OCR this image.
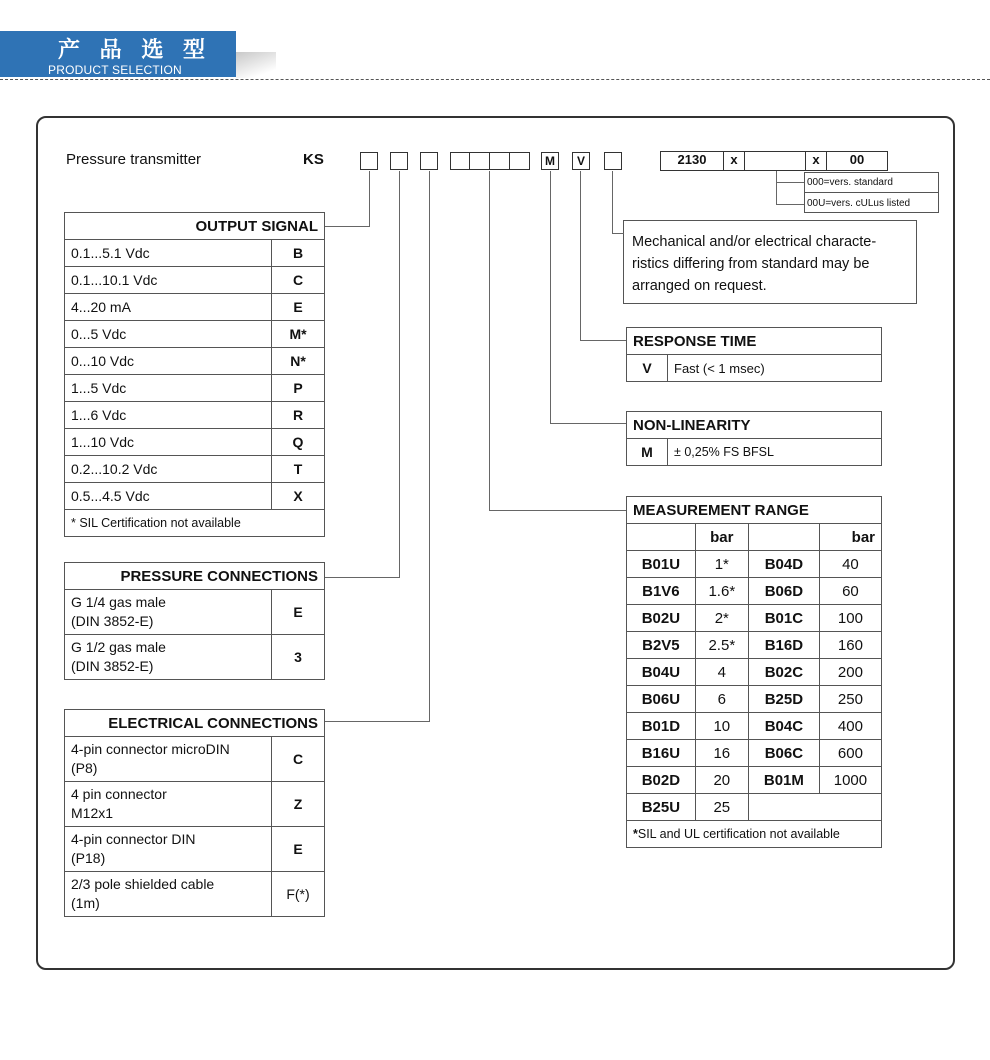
产 品 选 型
PRODUCT SELECTION
Pressure transmitter	KS	M	V	2130	x	x	00
000=vers. standard
00U=vers. cULus listed
Mechanical and/or electrical characte-
ristics differing from standard may be
arranged on request.
OUTPUT SIGNAL	
0.1...5.1 Vdc	B
0.1...10.1 Vdc	C
4...20 mA	E
0...5 Vdc	M*
0...10 Vdc	N*
1...5 Vdc	P
1...6 Vdc	R
1...10 Vdc	Q
0.2...10.2 Vdc	T
0.5...4.5 Vdc	X
* SIL Certification not available	
PRESSURE CONNECTIONS	

G 1/4 gas male
(DIN 3852-E)	E

G 1/2 gas male
(DIN 3852-E)	3
ELECTRICAL CONNECTIONS	

4-pin connector microDIN
(P8)	C

4 pin connector
M12x1	Z

4-pin connector DIN
(P18)	E

2/3 pole shielded cable
(1m)	F(*)
RESPONSE TIME
V	Fast (< 1 msec)
NON-LINEARITY
M	± 0,25% FS BFSL
MEASUREMENT RANGE			
	bar		bar
B01U	1*	B04D	40
B1V6	1.6*	B06D	60
B02U	2*	B01C	100
B2V5	2.5*	B16D	160
B04U	4	B02C	200
B06U	6	B25D	250
B01D	10	B04C	400
B16U	16	B06C	600
B02D	20	B01M	1000
B25U	25		
*SIL and UL certification not available			
